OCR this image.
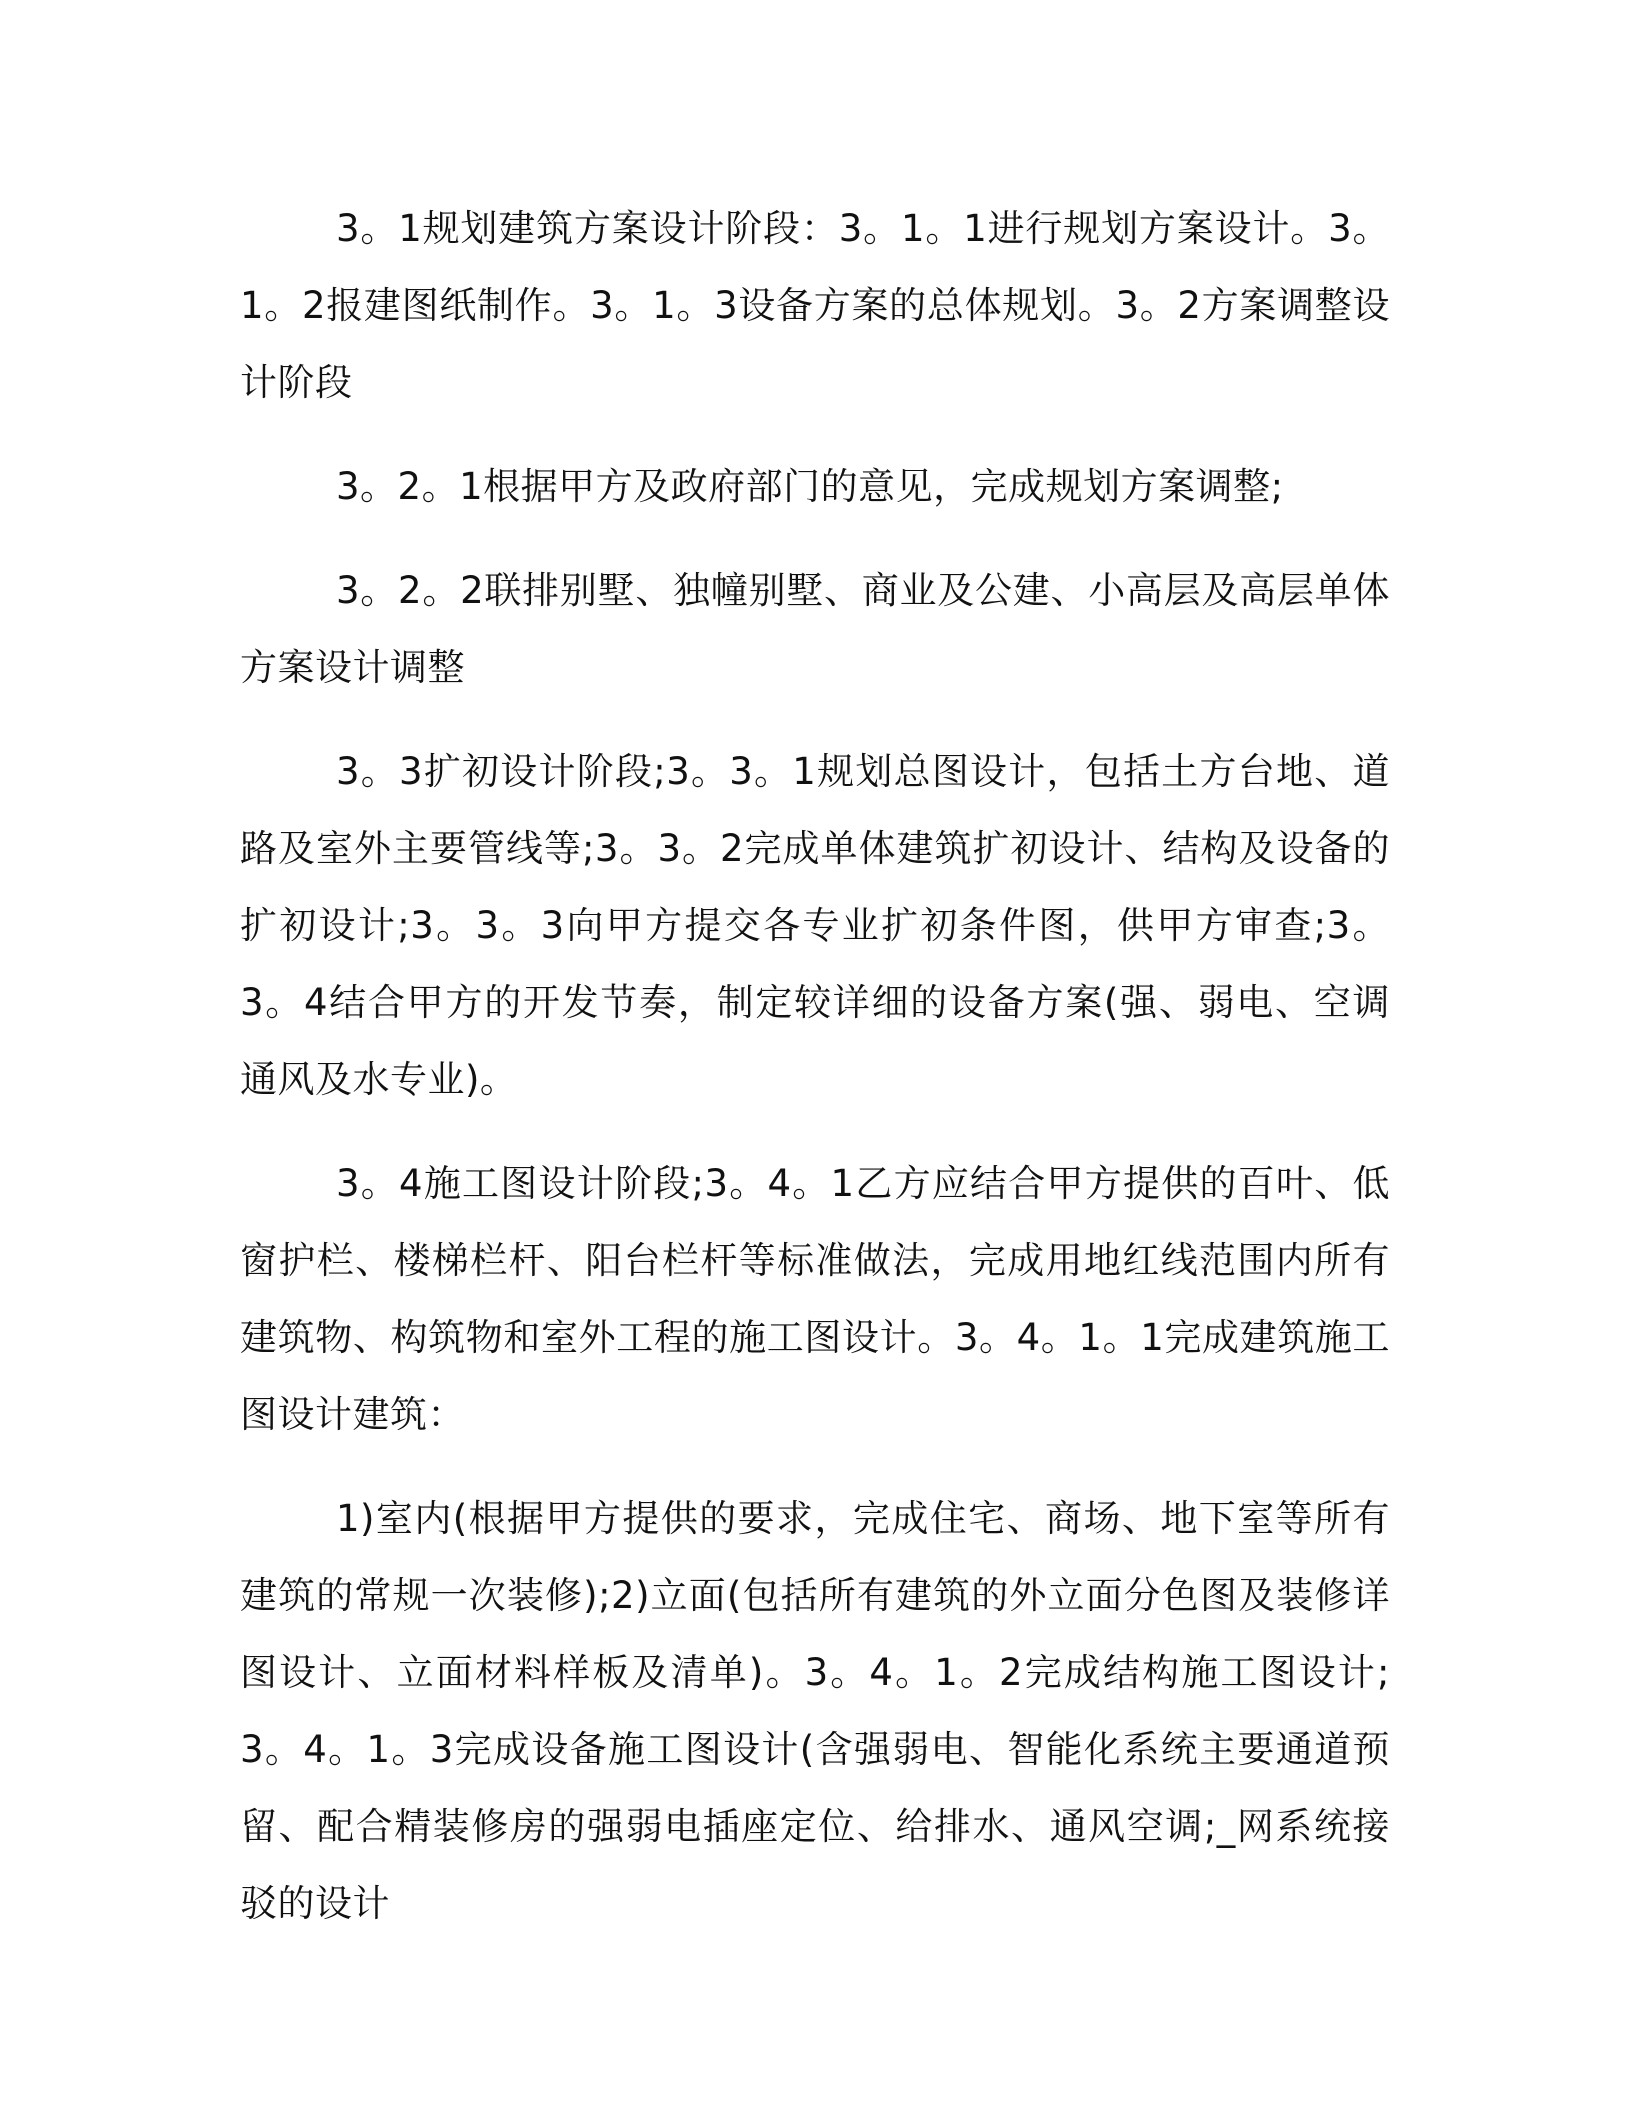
3。1规划建筑方案设计阶段：3。1。1进行规划方案设计。3。1。2报建图纸制作。3。1。3设备方案的总体规划。3。2方案调整设计阶段

3。2。1根据甲方及政府部门的意见，完成规划方案调整;

3。2。2联排别墅、独幢别墅、商业及公建、小高层及高层单体方案设计调整

3。3扩初设计阶段;3。3。1规划总图设计，包括土方台地、道路及室外主要管线等;3。3。2完成单体建筑扩初设计、结构及设备的扩初设计;3。3。3向甲方提交各专业扩初条件图，供甲方审查;3。3。4结合甲方的开发节奏，制定较详细的设备方案(强、弱电、空调通风及水专业)。

3。4施工图设计阶段;3。4。1乙方应结合甲方提供的百叶、低窗护栏、楼梯栏杆、阳台栏杆等标准做法，完成用地红线范围内所有建筑物、构筑物和室外工程的施工图设计。3。4。1。1完成建筑施工图设计建筑：

1)室内(根据甲方提供的要求，完成住宅、商场、地下室等所有建筑的常规一次装修);2)立面(包括所有建筑的外立面分色图及装修详图设计、立面材料样板及清单)。3。4。1。2完成结构施工图设计;3。4。1。3完成设备施工图设计(含强弱电、智能化系统主要通道预留、配合精装修房的强弱电插座定位、给排水、通风空调;_网系统接驳的设计
